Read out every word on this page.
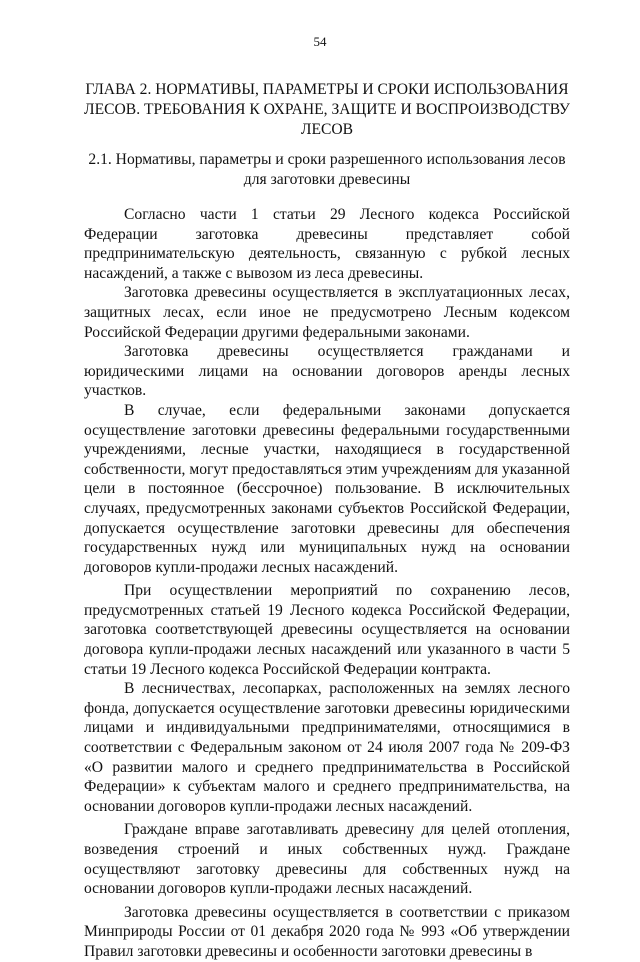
54
ГЛАВА 2. НОРМАТИВЫ, ПАРАМЕТРЫ И СРОКИ ИСПОЛЬЗОВАНИЯ ЛЕСОВ. ТРЕБОВАНИЯ К ОХРАНЕ, ЗАЩИТЕ И ВОСПРОИЗВОДСТВУ ЛЕСОВ
2.1. Нормативы, параметры и сроки разрешенного использования лесов для заготовки древесины

Согласно части 1 статьи 29 Лесного кодекса Российской Федерации заготовка древесины представляет собой предпринимательскую деятельность, связанную с рубкой лесных насаждений, а также с вывозом из леса древесины.

Заготовка древесины осуществляется в эксплуатационных лесах, защитных лесах, если иное не предусмотрено Лесным кодексом Российской Федерации другими федеральными законами.

Заготовка древесины осуществляется гражданами и юридическими лицами на основании договоров аренды лесных участков.

В случае, если федеральными законами допускается осуществление заготовки древесины федеральными государственными учреждениями, лесные участки, находящиеся в государственной собственности, могут предоставляться этим учреждениям для указанной цели в постоянное (бессрочное) пользование. В исключительных случаях, предусмотренных законами субъектов Российской Федерации, допускается осуществление заготовки древесины для обеспечения государственных нужд или муниципальных нужд на основании договоров купли-продажи лесных насаждений.

При осуществлении мероприятий по сохранению лесов, предусмотренных статьей 19 Лесного кодекса Российской Федерации, заготовка соответствующей древесины осуществляется на основании договора купли-продажи лесных насаждений или указанного в части 5 статьи 19 Лесного кодекса Российской Федерации контракта.

В лесничествах, лесопарках, расположенных на землях лесного фонда, допускается осуществление заготовки древесины юридическими лицами и индивидуальными предпринимателями, относящимися в соответствии с Федеральным законом от 24 июля 2007 года № 209-ФЗ «О развитии малого и среднего предпринимательства в Российской Федерации» к субъектам малого и среднего предпринимательства, на основании договоров купли-продажи лесных насаждений.

Граждане вправе заготавливать древесину для целей отопления, возведения строений и иных собственных нужд. Граждане осуществляют заготовку древесины для собственных нужд на основании договоров купли-продажи лесных насаждений.

Заготовка древесины осуществляется в соответствии с приказом Минприроды России от 01 декабря 2020 года № 993 «Об утверждении Правил заготовки древесины и особенности заготовки древесины в
